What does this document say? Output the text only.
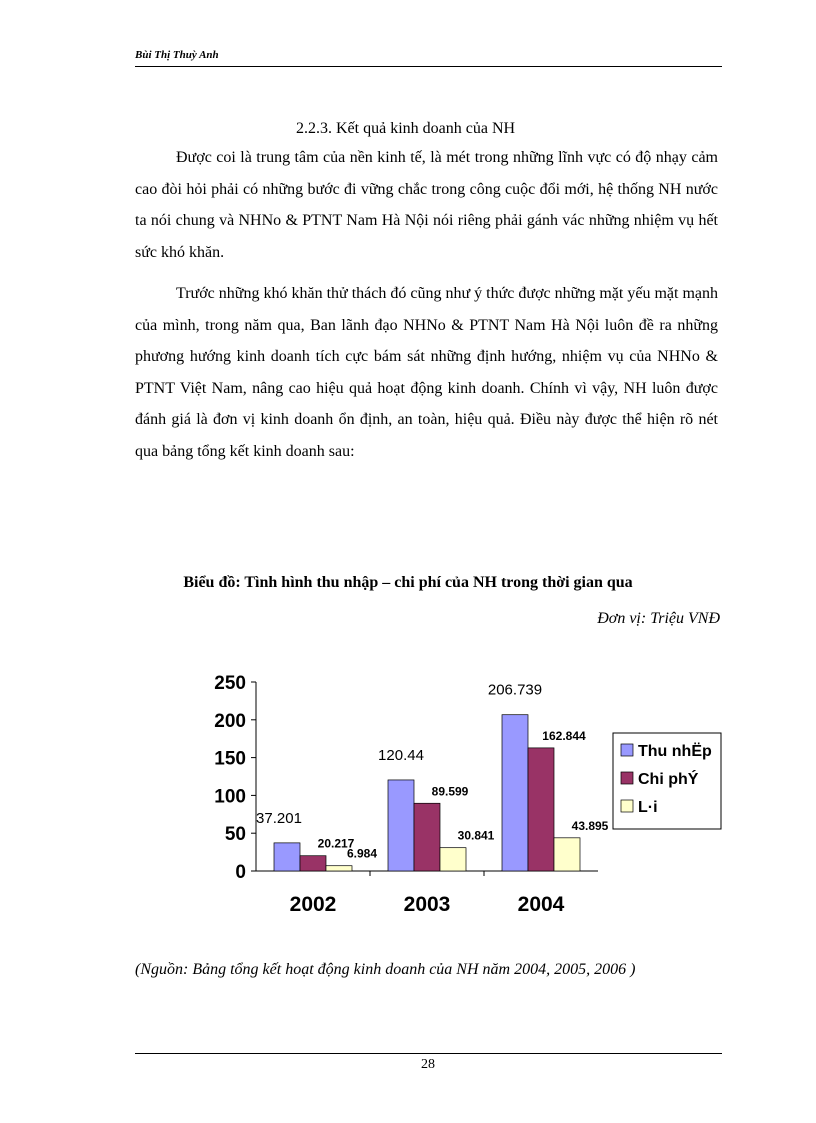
Bùi Thị Thuỳ Anh
2.2.3. Kết quả kinh doanh của NH

Được coi là trung tâm của nền kinh tế, là mét trong những lĩnh vực có độ nhạy cảm cao đòi hỏi phải có những bước đi vững chắc trong công cuộc đổi mới, hệ thống NH nước ta nói chung và NHNo & PTNT Nam Hà Nội nói riêng phải gánh vác những nhiệm vụ hết sức khó khăn.

Trước những khó khăn thử thách đó cũng như ý thức được những mặt yếu mặt mạnh của mình, trong năm qua, Ban lãnh đạo NHNo & PTNT Nam Hà Nội luôn đề ra những phương hướng kinh doanh tích cực bám sát những định hướng, nhiệm vụ của NHNo & PTNT Việt Nam, nâng cao hiệu quả hoạt động kinh doanh. Chính vì vậy, NH luôn được đánh giá là đơn vị kinh doanh ổn định, an toàn, hiệu quả. Điều này được thể hiện rõ nét qua bảng tổng kết kinh doanh sau:

Biểu đồ: Tình hình thu nhập – chi phí của NH trong thời gian qua
Đơn vị: Triệu VNĐ
0
50
100
150
200
250
37.201
20.217
6.984
2002
120.44
89.599
30.841
2003
206.739
162.844
43.895
2004
Thu nhËp
Chi phÝ
L·i
(Nguồn: Bảng tổng kết hoạt động kinh doanh của NH năm 2004, 2005, 2006 )
28
